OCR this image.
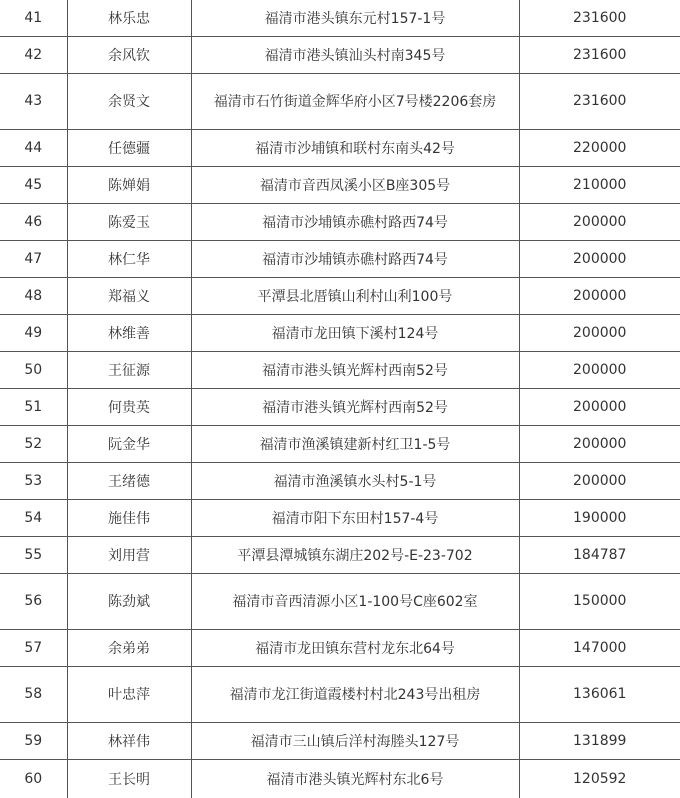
41	林乐忠	福清市港头镇东元村157-1号	231600
42	余风钦	福清市港头镇汕头村南345号	231600
43	余贤文	福清市石竹街道金辉华府小区7号楼2206套房	231600
44	任德疆	福清市沙埔镇和联村东南头42号	220000
45	陈婵娟	福清市音西凤溪小区B座305号	210000
46	陈爱玉	福清市沙埔镇赤礁村路西74号	200000
47	林仁华	福清市沙埔镇赤礁村路西74号	200000
48	郑福义	平潭县北厝镇山利村山利100号	200000
49	林维善	福清市龙田镇下溪村124号	200000
50	王征源	福清市港头镇光辉村西南52号	200000
51	何贵英	福清市港头镇光辉村西南52号	200000
52	阮金华	福清市渔溪镇建新村红卫1-5号	200000
53	王绪德	福清市渔溪镇水头村5-1号	200000
54	施佳伟	福清市阳下东田村157-4号	190000
55	刘用营	平潭县潭城镇东湖庄202号-E-23-702	184787
56	陈劲斌	福清市音西清源小区1-100号C座602室	150000
57	余弟弟	福清市龙田镇东营村龙东北64号	147000
58	叶忠萍	福清市龙江街道霞楼村村北243号出租房	136061
59	林祥伟	福清市三山镇后洋村海塍头127号	131899
60	王长明	福清市港头镇光辉村东北6号	120592
